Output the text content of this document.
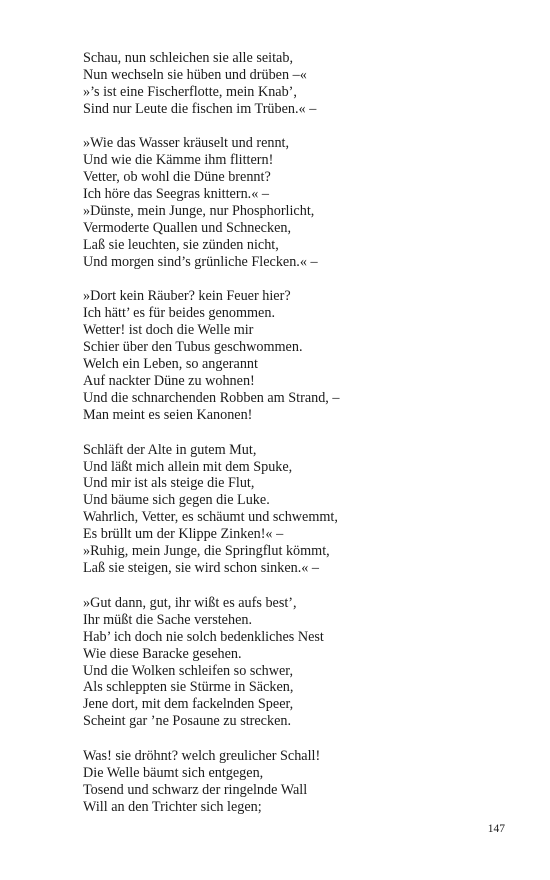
Schau, nun schleichen sie alle seitab,
Nun wechseln sie hüben und drüben –«
»’s ist eine Fischerflotte, mein Knab’,
Sind nur Leute die fischen im Trüben.« –
»Wie das Wasser kräuselt und rennt,
Und wie die Kämme ihm flittern!
Vetter, ob wohl die Düne brennt?
Ich höre das Seegras knittern.« –
»Dünste, mein Junge, nur Phosphorlicht,
Vermoderte Quallen und Schnecken,
Laß sie leuchten, sie zünden nicht,
Und morgen sind’s grünliche Flecken.« –
»Dort kein Räuber? kein Feuer hier?
Ich hätt’ es für beides genommen.
Wetter! ist doch die Welle mir
Schier über den Tubus geschwommen.
Welch ein Leben, so angerannt
Auf nackter Düne zu wohnen!
Und die schnarchenden Robben am Strand, –
Man meint es seien Kanonen!
Schläft der Alte in gutem Mut,
Und läßt mich allein mit dem Spuke,
Und mir ist als steige die Flut,
Und bäume sich gegen die Luke.
Wahrlich, Vetter, es schäumt und schwemmt,
Es brüllt um der Klippe Zinken!« –
»Ruhig, mein Junge, die Springflut kömmt,
Laß sie steigen, sie wird schon sinken.« –
»Gut dann, gut, ihr wißt es aufs best’,
Ihr müßt die Sache verstehen.
Hab’ ich doch nie solch bedenkliches Nest
Wie diese Baracke gesehen.
Und die Wolken schleifen so schwer,
Als schleppten sie Stürme in Säcken,
Jene dort, mit dem fackelnden Speer,
Scheint gar ’ne Posaune zu strecken.
Was! sie dröhnt? welch greulicher Schall!
Die Welle bäumt sich entgegen,
Tosend und schwarz der ringelnde Wall
Will an den Trichter sich legen;
147
